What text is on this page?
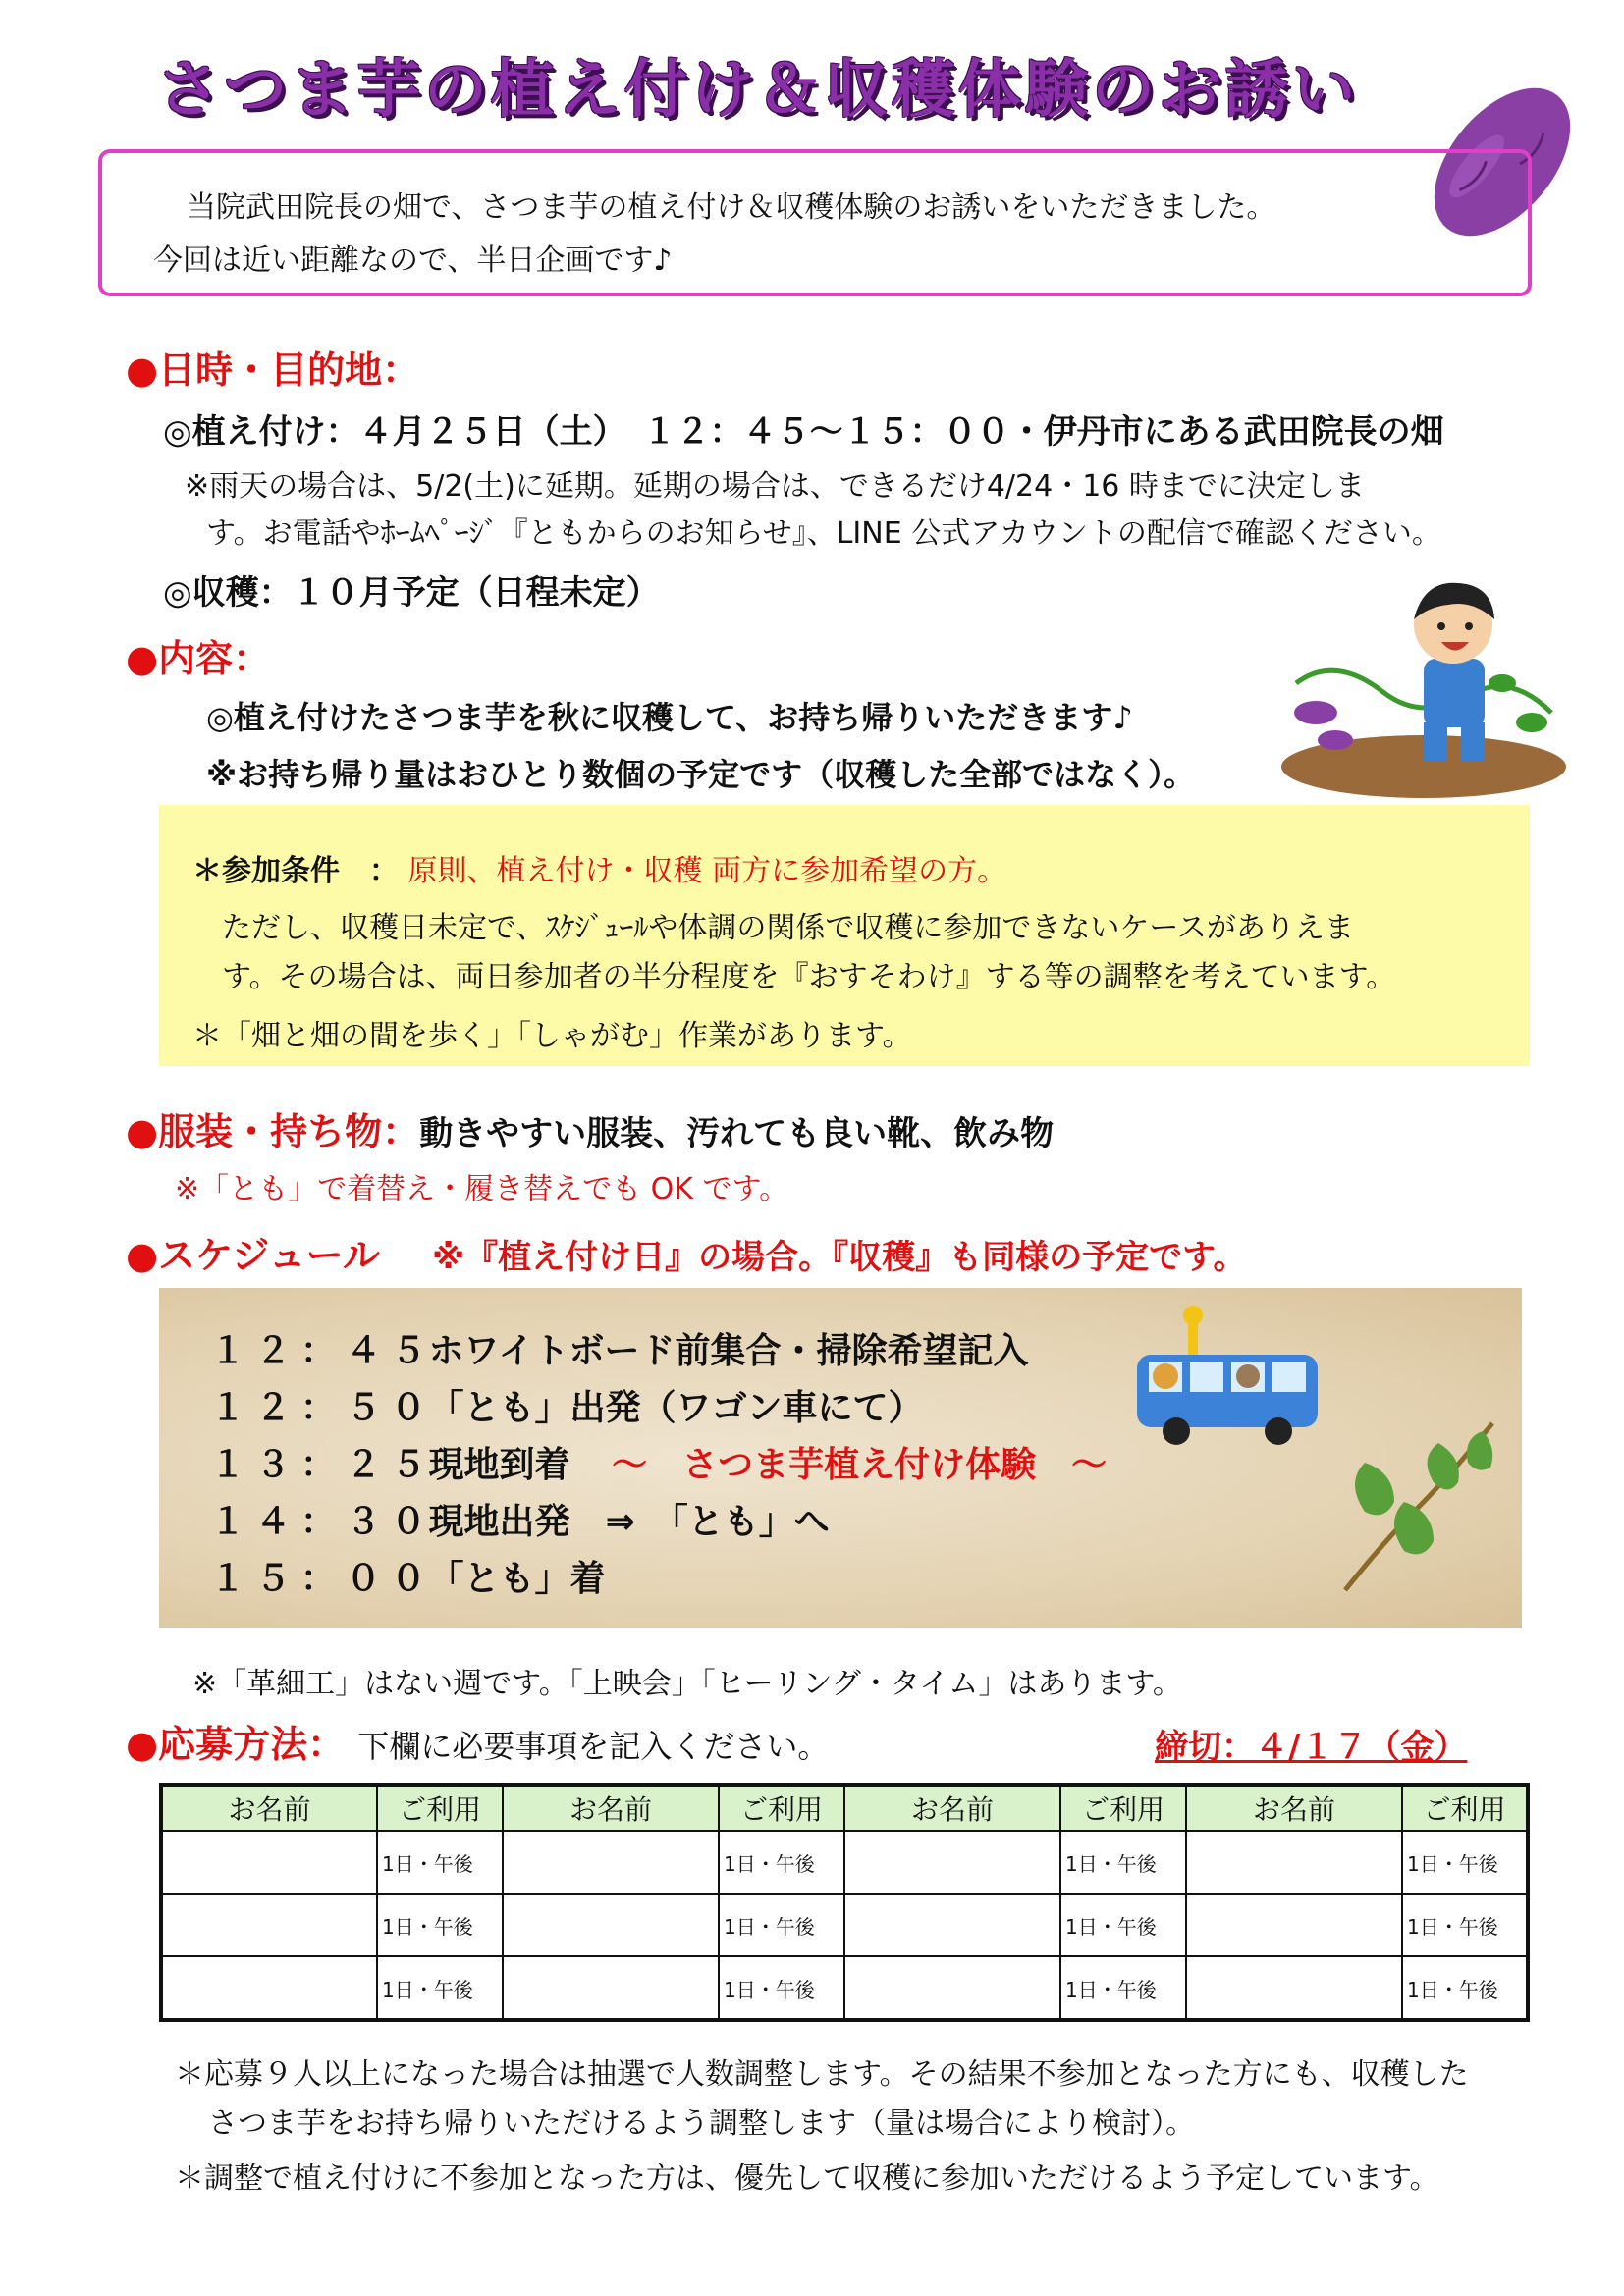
さつま芋の植え付け＆収穫体験のお誘い
当院武田院長の畑で、さつま芋の植え付け＆収穫体験のお誘いをいただきました。
今回は近い距離なので、半日企画です♪
●日時・目的地：
◎植え付け：４月２５日（土）　１２：４５〜１５：００・伊丹市にある武田院長の畑
※雨天の場合は、5/2(土)に延期。延期の場合は、できるだけ4/24・16 時までに決定しま
す。お電話やﾎｰﾑﾍﾟｰｼﾞ『ともからのお知らせ』、LINE 公式アカウントの配信で確認ください。
◎収穫：１０月予定（日程未定）
●内容：
◎植え付けたさつま芋を秋に収穫して、お持ち帰りいただきます♪
※お持ち帰り量はおひとり数個の予定です（収穫した全部ではなく）。
＊参加条件　： 原則、植え付け・収穫 両方に参加希望の方。
ただし、収穫日未定で、ｽｹｼﾞｭｰﾙや体調の関係で収穫に参加できないケースがありえま
す。その場合は、両日参加者の半分程度を『おすそわけ』する等の調整を考えています。
＊「畑と畑の間を歩く」「しゃがむ」作業があります。
●服装・持ち物：動きやすい服装、汚れても良い靴、飲み物
※「とも」で着替え・履き替えでも OK です。
●スケジュール ※『植え付け日』の場合。『収穫』も同様の予定です。
１２：４５ ホワイトボード前集合・掃除希望記入
１２：５０ 「とも」出発（ワゴン車にて）
１３：２５ 現地到着 〜　さつま芋植え付け体験　〜
１４：３０ 現地出発　⇒　「とも」へ
１５：００ 「とも」着
※「革細工」はない週です。「上映会」「ヒーリング・タイム」はあります。
●応募方法： 下欄に必要事項を記入ください。	締切：４/１７（金）
お名前	ご利用	お名前	ご利用	お名前	ご利用	お名前	ご利用
	1日・午後		1日・午後		1日・午後		1日・午後
	1日・午後		1日・午後		1日・午後		1日・午後
	1日・午後		1日・午後		1日・午後		1日・午後
＊応募９人以上になった場合は抽選で人数調整します。その結果不参加となった方にも、収穫した
さつま芋をお持ち帰りいただけるよう調整します（量は場合により検討）。
＊調整で植え付けに不参加となった方は、優先して収穫に参加いただけるよう予定しています。
